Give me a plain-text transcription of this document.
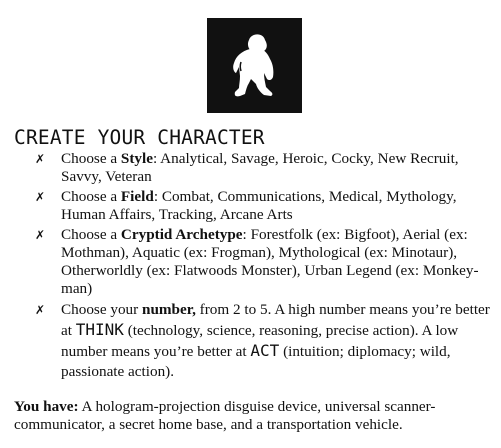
CREATE YOUR CHARACTER
✗ Choose a Style: Analytical, Savage, Heroic, Cocky, New Recruit, Savvy, Veteran
✗ Choose a Field: Combat, Communications, Medical, Mythology, Human Affairs, Tracking, Arcane Arts
✗ Choose a Cryptid Archetype: Forestfolk (ex: Bigfoot), Aerial (ex: Mothman), Aquatic (ex: Frogman), Mythological (ex: Minotaur), Otherworldly (ex: Flatwoods Monster), Urban Legend (ex: Monkey-man)
✗ Choose your number, from 2 to 5. A high number means you’re better at THINK (technology, science, reasoning, precise action). A low number means you’re better at ACT (intuition; diplomacy; wild, passionate action).

You have: A hologram-projection disguise device, universal scanner-communicator, a secret home base, and a transportation vehicle.
